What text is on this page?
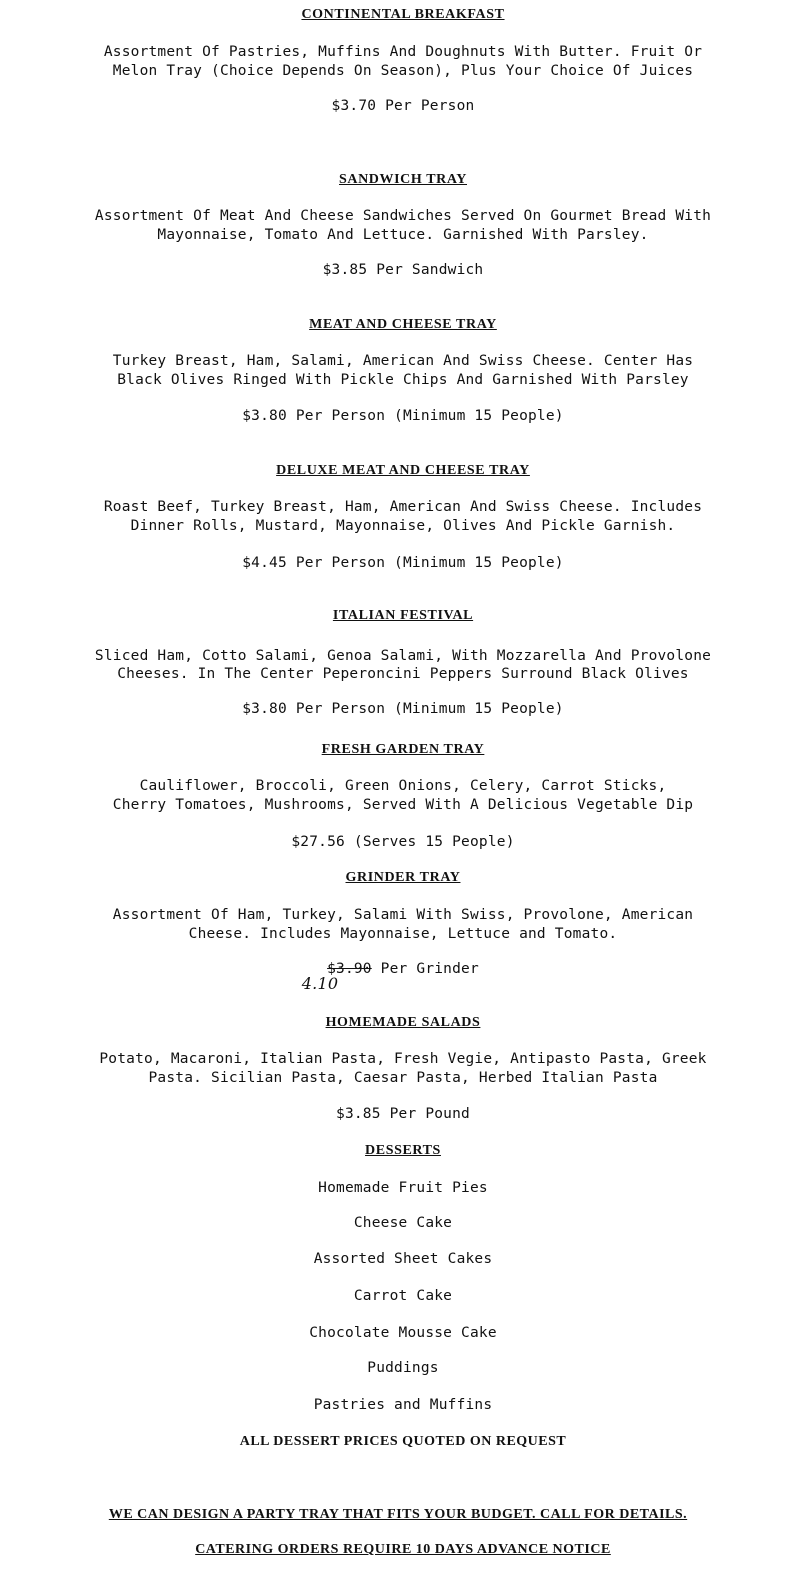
CONTINENTAL BREAKFAST
Assortment Of Pastries, Muffins And Doughnuts With Butter. Fruit Or
Melon Tray (Choice Depends On Season), Plus Your Choice Of Juices
$3.70 Per Person
SANDWICH TRAY
Assortment Of Meat And Cheese Sandwiches Served On Gourmet Bread With
Mayonnaise, Tomato And Lettuce. Garnished With Parsley.
$3.85 Per Sandwich
MEAT AND CHEESE TRAY
Turkey Breast, Ham, Salami, American And Swiss Cheese. Center Has
Black Olives Ringed With Pickle Chips And Garnished With Parsley
$3.80 Per Person (Minimum 15 People)
DELUXE MEAT AND CHEESE TRAY
Roast Beef, Turkey Breast, Ham, American And Swiss Cheese. Includes
Dinner Rolls, Mustard, Mayonnaise, Olives And Pickle Garnish.
$4.45 Per Person (Minimum 15 People)
ITALIAN FESTIVAL
Sliced Ham, Cotto Salami, Genoa Salami, With Mozzarella And Provolone
Cheeses. In The Center Peperoncini Peppers Surround Black Olives
$3.80 Per Person (Minimum 15 People)
FRESH GARDEN TRAY
Cauliflower, Broccoli, Green Onions, Celery, Carrot Sticks,
Cherry Tomatoes, Mushrooms, Served With A Delicious Vegetable Dip
$27.56 (Serves 15 People)
GRINDER TRAY
Assortment Of Ham, Turkey, Salami With Swiss, Provolone, American
Cheese. Includes Mayonnaise, Lettuce and Tomato.
$3.90 Per Grinder
4.10
HOMEMADE SALADS
Potato, Macaroni, Italian Pasta, Fresh Vegie, Antipasto Pasta, Greek
Pasta. Sicilian Pasta, Caesar Pasta, Herbed Italian Pasta
$3.85 Per Pound
DESSERTS
Homemade Fruit Pies
Cheese Cake
Assorted Sheet Cakes
Carrot Cake
Chocolate Mousse Cake
Puddings
Pastries and Muffins
ALL DESSERT PRICES QUOTED ON REQUEST
WE CAN DESIGN A PARTY TRAY THAT FITS YOUR BUDGET. CALL FOR DETAILS.
CATERING ORDERS REQUIRE 10 DAYS ADVANCE NOTICE
